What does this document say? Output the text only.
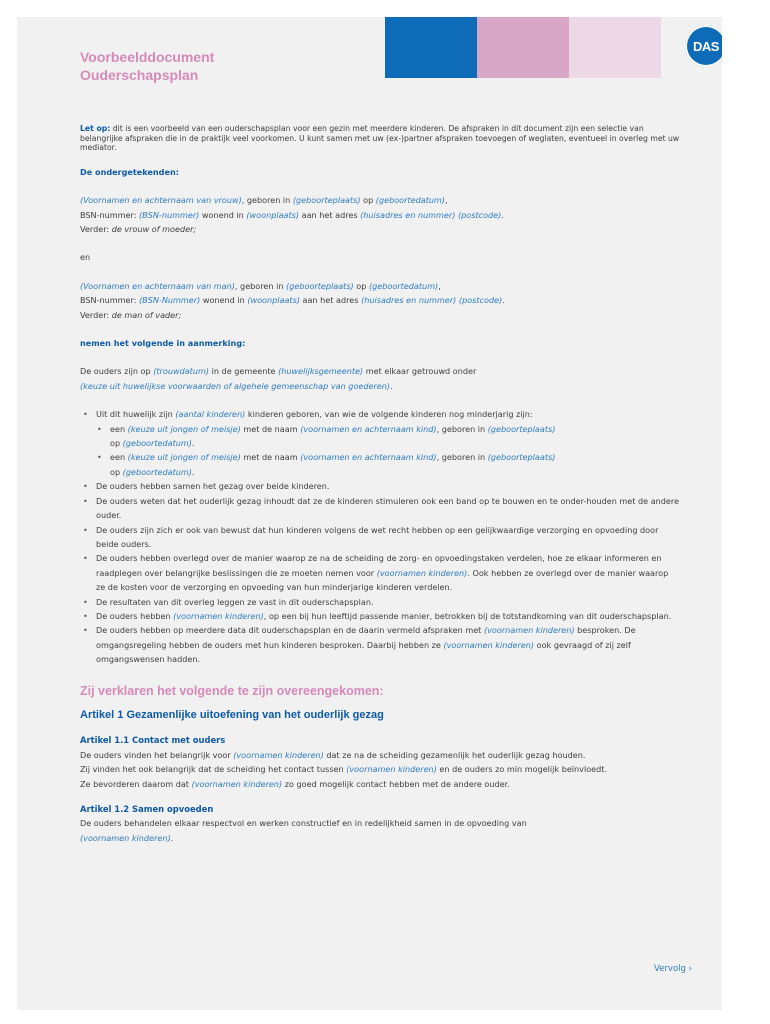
DAS
Voorbeelddocument
Ouderschapsplan

Let op: dit is een voorbeeld van een ouderschapsplan voor een gezin met meerdere kinderen. De afspraken in dit document zijn een selectie van belangrijke afspraken die in de praktijk veel voorkomen. U kunt samen met uw (ex-)partner afspraken toevoegen of weglaten, eventueel in overleg met uw mediator.

De ondergetekenden:

(Voornamen en achternaam van vrouw), geboren in (geboorteplaats) op (geboortedatum),

BSN-nummer: (BSN-nummer) wonend in (woonplaats) aan het adres (huisadres en nummer) (postcode).

Verder: de vrouw of moeder;

en

(Voornamen en achternaam van man), geboren in (geboorteplaats) op (geboortedatum),

BSN-nummer: (BSN-Nummer) wonend in (woonplaats) aan het adres (huisadres en nummer) (postcode).

Verder: de man of vader;

nemen het volgende in aanmerking:

De ouders zijn op (trouwdatum) in de gemeente (huwelijksgemeente) met elkaar getrouwd onder

(keuze uit huwelijkse voorwaarden of algehele gemeenschap van goederen).

• Uit dit huwelijk zijn (aantal kinderen) kinderen geboren, van wie de volgende kinderen nog minderjarig zijn:
• een (keuze uit jongen of meisje) met de naam (voornamen en achternaam kind), geboren in (geboorteplaats)
op (geboortedatum).
• een (keuze uit jongen of meisje) met de naam (voornamen en achternaam kind), geboren in (geboorteplaats)
op (geboortedatum).
• De ouders hebben samen het gezag over beide kinderen.
• De ouders weten dat het ouderlijk gezag inhoudt dat ze de kinderen stimuleren ook een band op te bouwen en te onder-houden met de andere ouder.
• De ouders zijn zich er ook van bewust dat hun kinderen volgens de wet recht hebben op een gelijkwaardige verzorging en opvoeding door beide ouders.
• De ouders hebben overlegd over de manier waarop ze na de scheiding de zorg- en opvoedingstaken verdelen, hoe ze elkaar informeren en raadplegen over belangrijke beslissingen die ze moeten nemen voor (voornamen kinderen). Ook hebben ze overlegd over de manier waarop ze de kosten voor de verzorging en opvoeding van hun minderjarige kinderen verdelen.
• De resultaten van dit overleg leggen ze vast in dit ouderschapsplan.
• De ouders hebben (voornamen kinderen), op een bij hun leeftijd passende manier, betrokken bij de totstandkoming van dit ouderschapsplan.
• De ouders hebben op meerdere data dit ouderschapsplan en de daarin vermeld afspraken met (voornamen kinderen) besproken. De omgangsregeling hebben de ouders met hun kinderen besproken. Daarbij hebben ze (voornamen kinderen) ook gevraagd of zij zelf omgangswensen hadden.

Zij verklaren het volgende te zijn overeengekomen:

Artikel 1 Gezamenlijke uitoefening van het ouderlijk gezag

Artikel 1.1 Contact met ouders

De ouders vinden het belangrijk voor (voornamen kinderen) dat ze na de scheiding gezamenlijk het ouderlijk gezag houden.

Zij vinden het ook belangrijk dat de scheiding het contact tussen (voornamen kinderen) en de ouders zo min mogelijk beïnvloedt.

Ze bevorderen daarom dat (voornamen kinderen) zo goed mogelijk contact hebben met de andere ouder.

Artikel 1.2 Samen opvoeden

De ouders behandelen elkaar respectvol en werken constructief en in redelijkheid samen in de opvoeding van
(voornamen kinderen).

Vervolg ›
